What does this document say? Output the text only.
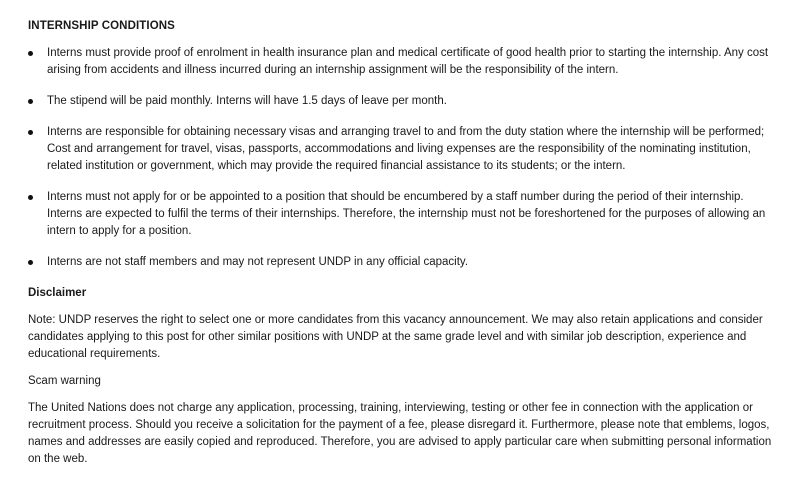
INTERNSHIP CONDITIONS
Interns must provide proof of enrolment in health insurance plan and medical certificate of good health prior to starting the internship. Any cost arising from accidents and illness incurred during an internship assignment will be the responsibility of the intern.
The stipend will be paid monthly. Interns will have 1.5 days of leave per month.
Interns are responsible for obtaining necessary visas and arranging travel to and from the duty station where the internship will be performed; Cost and arrangement for travel, visas, passports, accommodations and living expenses are the responsibility of the nominating institution, related institution or government, which may provide the required financial assistance to its students; or the intern.
Interns must not apply for or be appointed to a position that should be encumbered by a staff number during the period of their internship. Interns are expected to fulfil the terms of their internships. Therefore, the internship must not be foreshortened for the purposes of allowing an intern to apply for a position.
Interns are not staff members and may not represent UNDP in any official capacity.
Disclaimer

Note: UNDP reserves the right to select one or more candidates from this vacancy announcement. We may also retain applications and consider candidates applying to this post for other similar positions with UNDP at the same grade level and with similar job description, experience and educational requirements.

Scam warning

The United Nations does not charge any application, processing, training, interviewing, testing or other fee in connection with the application or recruitment process. Should you receive a solicitation for the payment of a fee, please disregard it. Furthermore, please note that emblems, logos, names and addresses are easily copied and reproduced. Therefore, you are advised to apply particular care when submitting personal information on the web.
